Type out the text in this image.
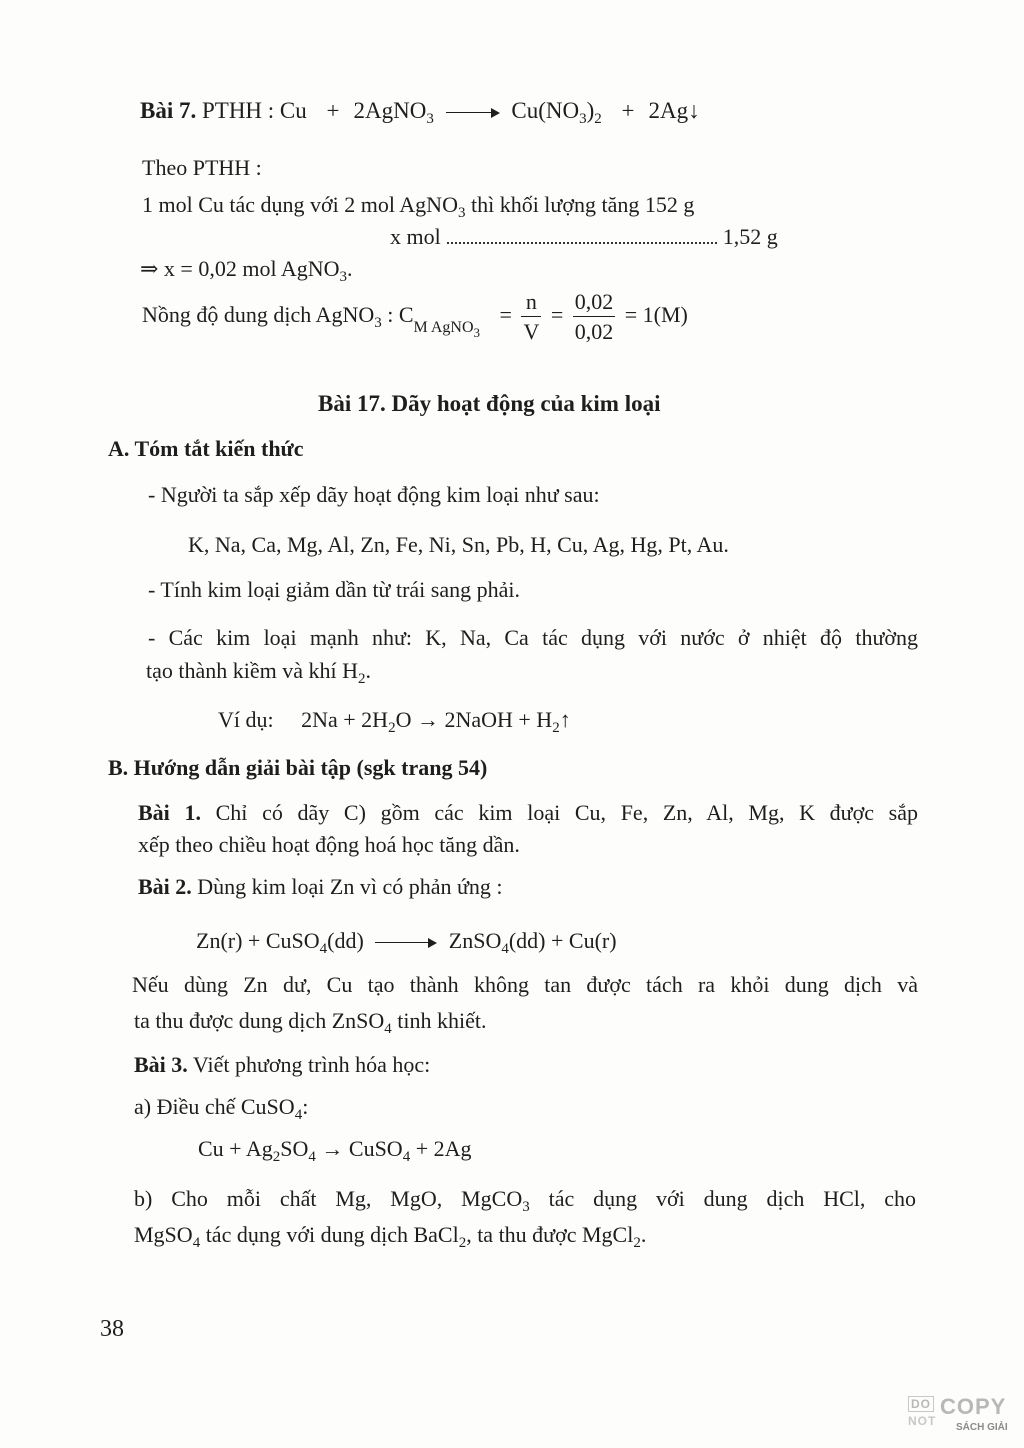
Bài 7. PTHH : Cu + 2AgNO$_3$	$Cu(NO_3)_2$ + 2Ag↓
Theo PTHH :
1 mol Cu tác dụng với 2 mol AgNO$_3$ thì khối lượng tăng 152 g
x mol	1,52 g
⇒ x = 0,02 mol AgNO$_3$.
Nồng độ dung dịch AgNO$_3$ : $C_{M AgNO_3} = \frac{n}{V} = \frac{0,02}{0,02} = 1(M)$
Bài 17. Dãy hoạt động của kim loại
A. Tóm tắt kiến thức
- Người ta sắp xếp dãy hoạt động kim loại như sau:
K, Na, Ca, Mg, Al, Zn, Fe, Ni, Sn, Pb, H, Cu, Ag, Hg, Pt, Au.
- Tính kim loại giảm dần từ trái sang phải.
- Các kim loại mạnh như: K, Na, Ca tác dụng với nước ở nhiệt độ thường
tạo thành kiềm và khí $H_2$.
Ví dụ: $2Na + 2H_2O$ → 2NaOH + $H_2↑$
B. Hướng dẫn giải bài tập (sgk trang 54)
Bài 1. Chỉ có dãy C) gồm các kim loại Cu, Fe, Zn, Al, Mg, K được sắp
xếp theo chiều hoạt động hoá học tăng dần.
Bài 2. Dùng kim loại Zn vì có phản ứng :
Zn(r) + CuSO$_4$(dd)	ZnSO$_4$(dd) + Cu(r)
Nếu dùng Zn dư, Cu tạo thành không tan được tách ra khỏi dung dịch và
ta thu được dung dịch ZnSO$_4$ tinh khiết.
Bài 3. Viết phương trình hóa học:
a) Điều chế CuSO$_4$:
$Cu + Ag_2SO_4$ → CuSO$_4$ + 2Ag
b) Cho mỗi chất Mg, MgO, MgCO$_3$ tác dụng với dung dịch HCl, cho
MgSO$_4$ tác dụng với dung dịch BaCl$_2$, ta thu được MgCl$_2$.
38
DO
NOT
COPY
SÁCH GIẢI
